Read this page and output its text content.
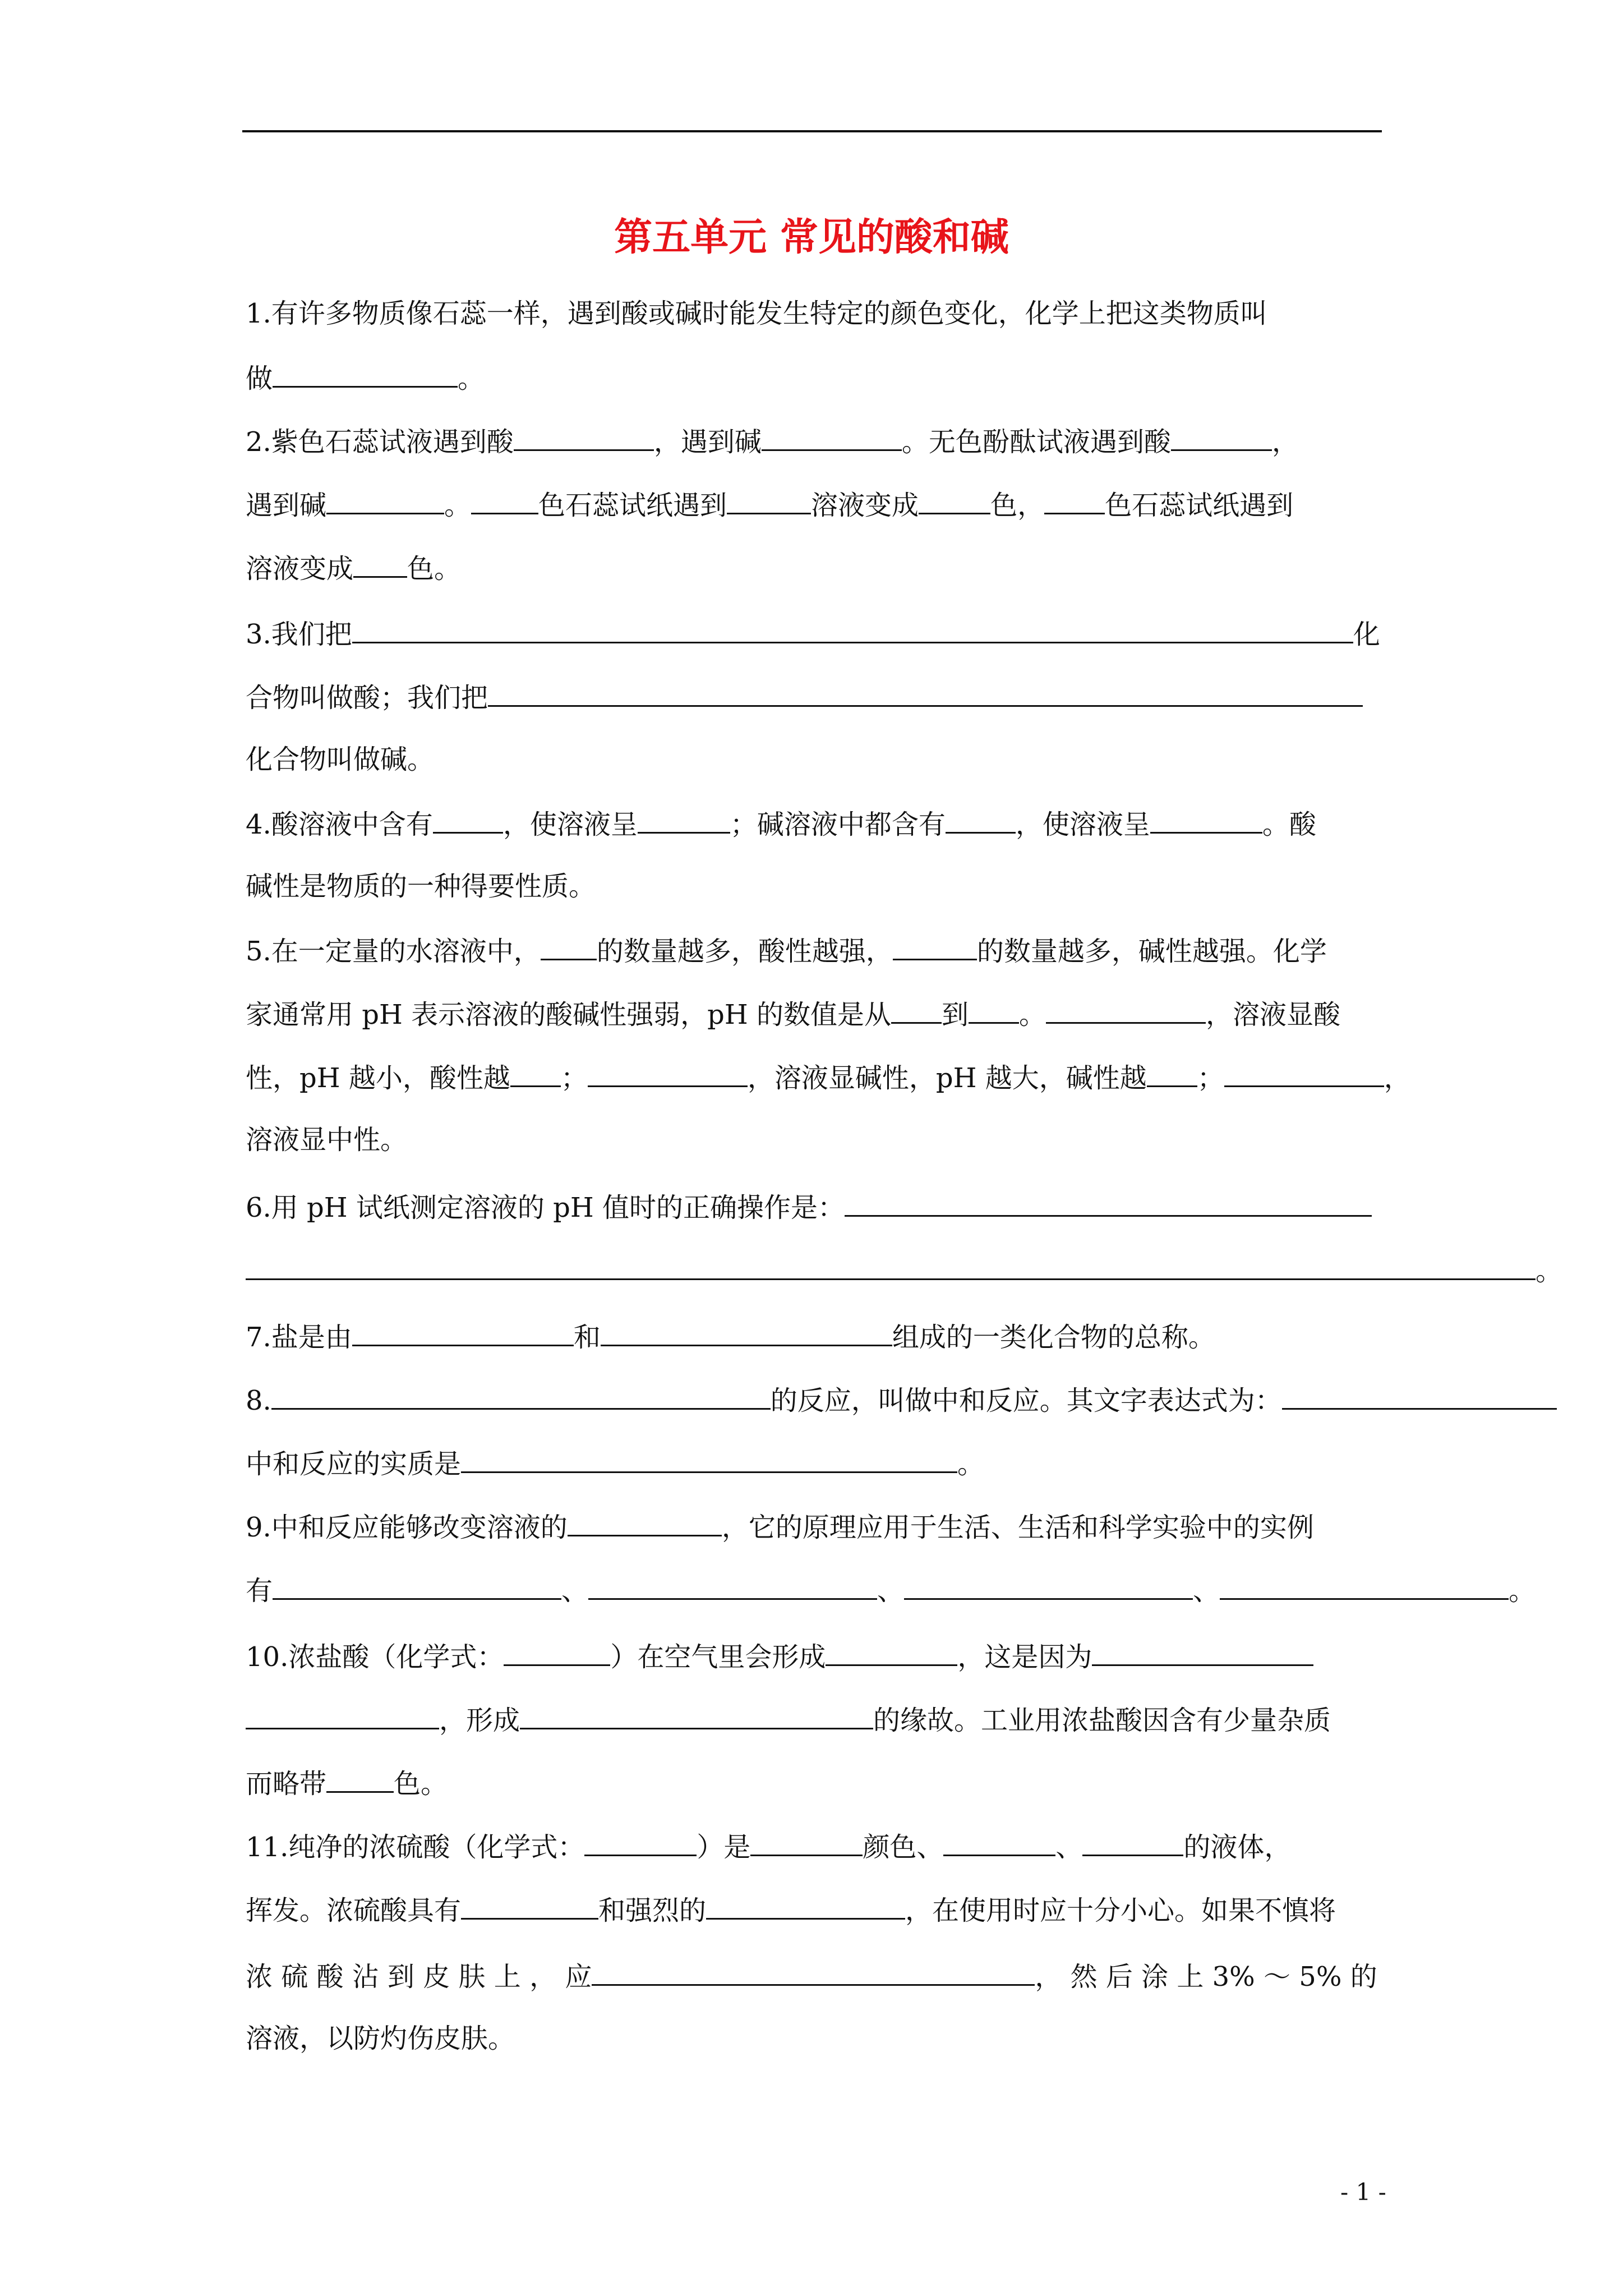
第五单元 常见的酸和碱
1.有许多物质像石蕊一样，遇到酸或碱时能发生特定的颜色变化，化学上把这类物质叫
做	。
2.紫色石蕊试液遇到酸	，遇到碱	。无色酚酞试液遇到酸	，
遇到碱	。	色石蕊试纸遇到	溶液变成	色， 色石蕊试纸遇到
溶液变成 色。
3.我们把	化
合物叫做酸；我们把
化合物叫做碱。
4.酸溶液中含有	，使溶液呈	；碱溶液中都含有	，使溶液呈	。酸
碱性是物质的一种得要性质。
5.在一定量的水溶液中， 的数量越多，酸性越强，	的数量越多，碱性越强。化学
家通常用 pH 表示溶液的酸碱性强弱，pH 的数值是从 到 。	，溶液显酸
性，pH 越小，酸性越 ；	，溶液显碱性，pH 越大，碱性越 ；	，
溶液显中性。
6.用 pH 试纸测定溶液的 pH 值时的正确操作是：
。
7.盐是由	和	组成的一类化合物的总称。
8.	的反应，叫做中和反应。其文字表达式为：
中和反应的实质是	。
9.中和反应能够改变溶液的	，它的原理应用于生活、生活和科学实验中的实例
有	、	、	、	。
10.浓盐酸（化学式：	）在空气里会形成	，这是因为
，形成	的缘故。工业用浓盐酸因含有少量杂质
而略带	色。
11.纯净的浓硫酸（化学式：	）是	颜色、	、	的液体，
挥发。浓硫酸具有	和强烈的	，在使用时应十分小心。如果不慎将
浓 硫 酸 沾 到 皮 肤 上 ， 应	， 然 后 涂 上 3% ～ 5% 的
溶液，以防灼伤皮肤。
- 1 -
